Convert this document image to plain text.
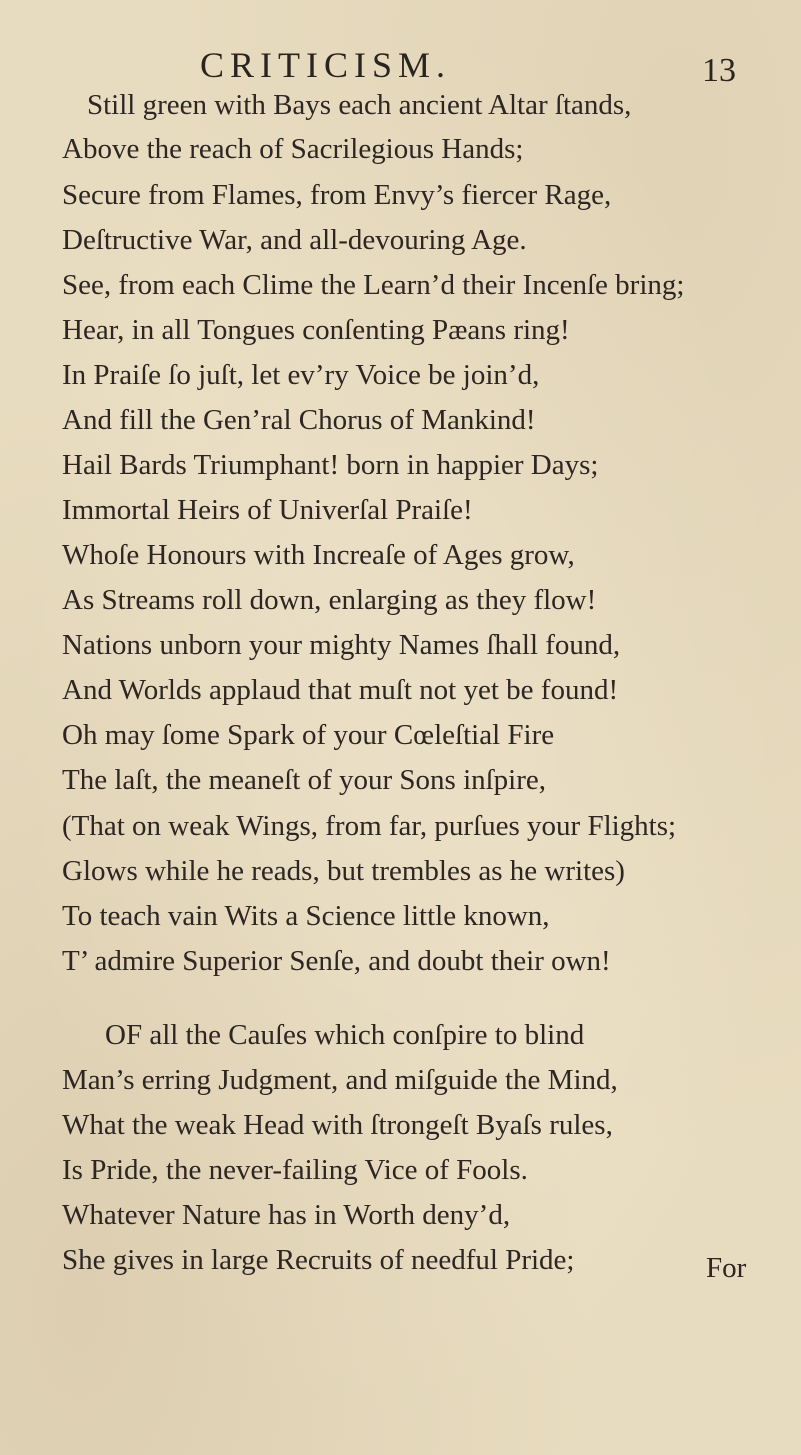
CRITICISM.	13
Still green with Bays each ancient Altar ſtands,
Above the reach of Sacrilegious Hands;
Secure from Flames, from Envy’s fiercer Rage,
Deſtructive War, and all-devouring Age.
See, from each Clime the Learn’d their Incenſe bring;
Hear, in all Tongues conſenting Pæans ring!
In Praiſe ſo juſt, let ev’ry Voice be join’d,
And fill the Gen’ral Chorus of Mankind!
Hail Bards Triumphant! born in happier Days;
Immortal Heirs of Univerſal Praiſe!
Whoſe Honours with Increaſe of Ages grow,
As Streams roll down, enlarging as they flow!
Nations unborn your mighty Names ſhall found,
And Worlds applaud that muſt not yet be found!
Oh may ſome Spark of your Cœleſtial Fire
The laſt, the meaneſt of your Sons inſpire,
(That on weak Wings, from far, purſues your Flights;
Glows while he reads, but trembles as he writes)
To teach vain Wits a Science little known,
T’ admire Superior Senſe, and doubt their own!
OF all the Cauſes which conſpire to blind
Man’s erring Judgment, and miſguide the Mind,
What the weak Head with ſtrongeſt Byaſs rules,
Is Pride, the never-failing Vice of Fools.
Whatever Nature has in Worth deny’d,
She gives in large Recruits of needful Pride;	For
